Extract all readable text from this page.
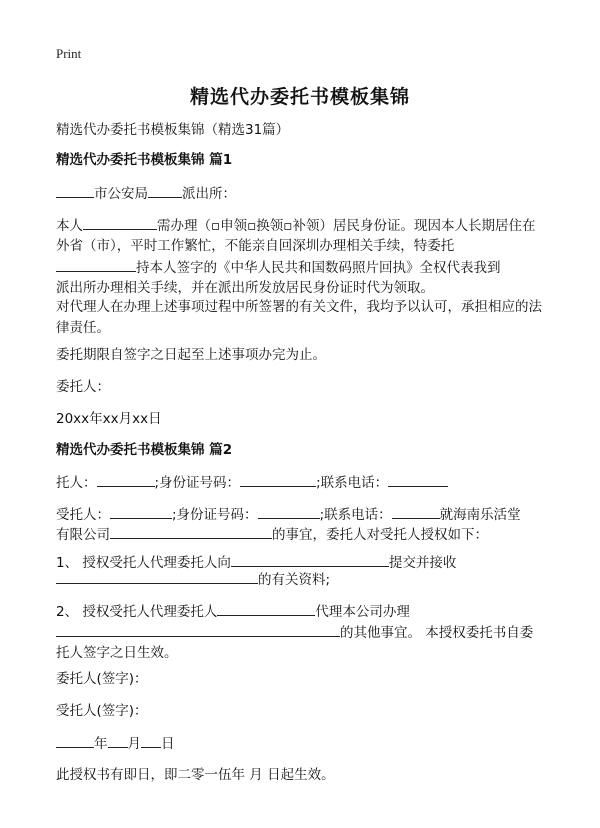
Print
精选代办委托书模板集锦
精选代办委托书模板集锦（精选31篇）
精选代办委托书模板集锦 篇1
市公安局	派出所：
本人	需办理（▫申领▫换领▫补领）居民身份证。现因本人长期居住在
外省（市），平时工作繁忙，不能亲自回深圳办理相关手续，特委托
持本人签字的《中华人民共和国数码照片回执》全权代表我到
派出所办理相关手续，并在派出所发放居民身份证时代为领取。
对代理人在办理上述事项过程中所签署的有关文件，我均予以认可，承担相应的法
律责任。
委托期限自签字之日起至上述事项办完为止。
委托人：
20xx年xx月xx日
精选代办委托书模板集锦 篇2
托人：	;身份证号码：	;联系电话：
受托人：	;身份证号码：	;联系电话：	就海南乐活堂
有限公司	的事宜，委托人对受托人授权如下：
1、 授权受托人代理委托人向	提交并接收
的有关资料;
2、 授权受托人代理委托人	代理本公司办理
的其他事宜。 本授权委托书自委
托人签字之日生效。
委托人(签字)：
受托人(签字)：
年 月 日
此授权书有即日，即二零一伍年 月 日起生效。
